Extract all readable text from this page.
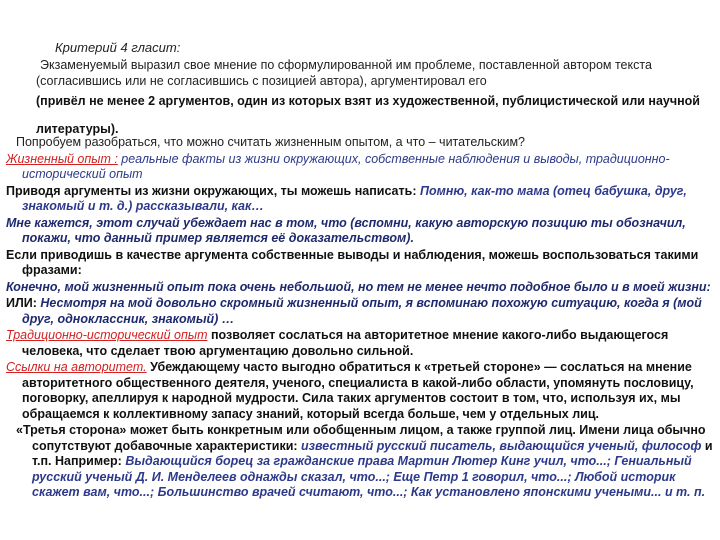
Критерий 4 гласит:
Экзаменуемый выразил свое мнение по сформулированной им проблеме, поставленной автором текста (согласившись или не согласившись с позицией автора), аргументировал его
(привёл не менее 2 аргументов, один из которых взят из художественной, публицистической или научной литературы).

Попробуем разобраться, что можно считать жизненным опытом, а что – читательским?

Жизненный опыт : реальные факты из жизни окружающих, собственные наблюдения и выводы, традиционно- исторический опыт

Приводя аргументы из жизни окружающих, ты можешь написать: Помню, как-то мама (отец бабушка, друг, знакомый и т. д.) рассказывали, как…

Мне кажется, этот случай убеждает нас в том, что (вспомни, какую авторскую позицию ты обозначил, покажи, что данный пример является её доказательством).

Если приводишь в качестве аргумента собственные выводы и наблюдения, можешь воспользоваться такими фразами:

Конечно, мой жизненный опыт пока очень небольшой, но тем не менее нечто подобное было и в моей жизни:

ИЛИ: Несмотря на мой довольно скромный жизненный опыт, я вспоминаю похожую ситуацию, когда я (мой друг, одноклассник, знакомый) …

Традиционно-исторический опыт позволяет сослаться на авторитетное мнение какого-либо выдающегося человека, что сделает твою аргументацию довольно сильной.

Ссылки на авторитет. Убеждающему часто выгодно обратиться к «третьей стороне» — сослаться на мнение авторитетного общественного деятеля, ученого, специалиста в какой-либо области, упомянуть пословицу, поговорку, апеллируя к народной мудрости. Сила таких аргументов состоит в том, что, используя их, мы обращаемся к коллективному запасу знаний, который всегда больше, чем у отдельных лиц.

«Третья сторона» может быть конкретным или обобщенным лицом, а также группой лиц. Имени лица обычно сопутствуют добавочные характеристики: известный русский писатель, выдающийся ученый, философ и т.п. Например: Выдающийся борец за гражданские права Мартин Лютер Кинг учил, что...; Гениальный русский ученый Д. И. Менделеев однажды сказал, что...; Еще Петр 1 говорил, что...; Любой историк скажет вам, что...; Большинство врачей считают, что...; Как установлено японскими учеными... и т. п.
